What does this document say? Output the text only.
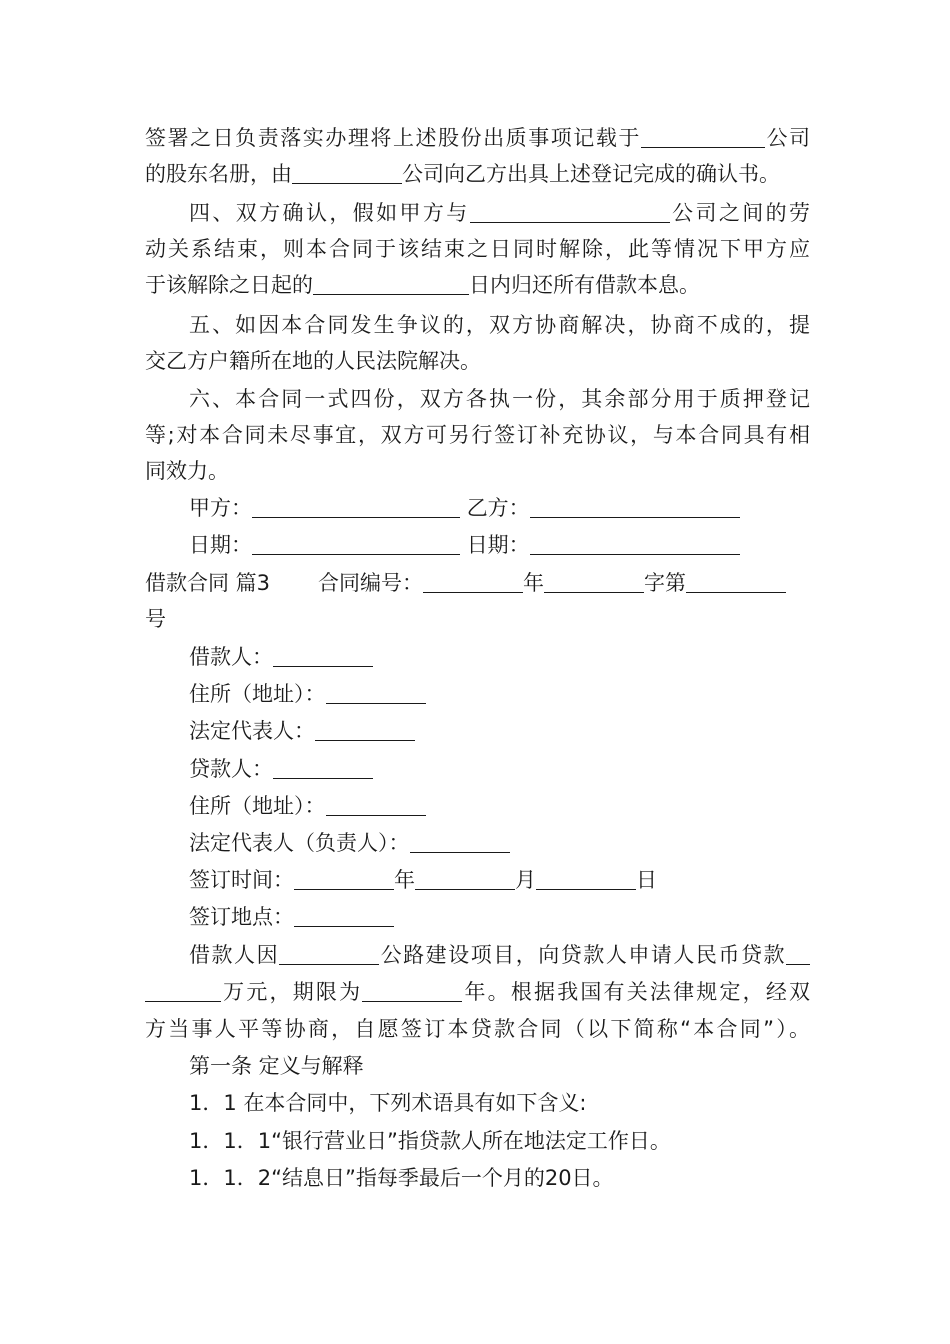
签署之日负责落实办理将上述股份出质事项记载于	公司
的股东名册，由	公司向乙方出具上述登记完成的确认书。
四、双方确认，假如甲方与	公司之间的劳
动关系结束，则本合同于该结束之日同时解除，此等情况下甲方应
于该解除之日起的	日内归还所有借款本息。
五、如因本合同发生争议的，双方协商解决，协商不成的，提
交乙方户籍所在地的人民法院解决。
六、本合同一式四份，双方各执一份，其余部分用于质押登记
等;对本合同未尽事宜，双方可另行签订补充协议，与本合同具有相
同效力。
甲方：	乙方：
日期：	日期：
借款合同 篇3 合同编号：	年	字第
号
借款人：
住所（地址）：
法定代表人：
贷款人：
住所（地址）：
法定代表人（负责人）：
签订时间：	年	月	日
签订地点：
借款人因	公路建设项目，向贷款人申请人民币贷款
万元，期限为	年。根据我国有关法律规定，经双
方当事人平等协商，自愿签订本贷款合同（以下简称“本合同”）。
第一条 定义与解释
1．1 在本合同中，下列术语具有如下含义:
1．1．1“银行营业日”指贷款人所在地法定工作日。
1．1．2“结息日”指每季最后一个月的20日。
